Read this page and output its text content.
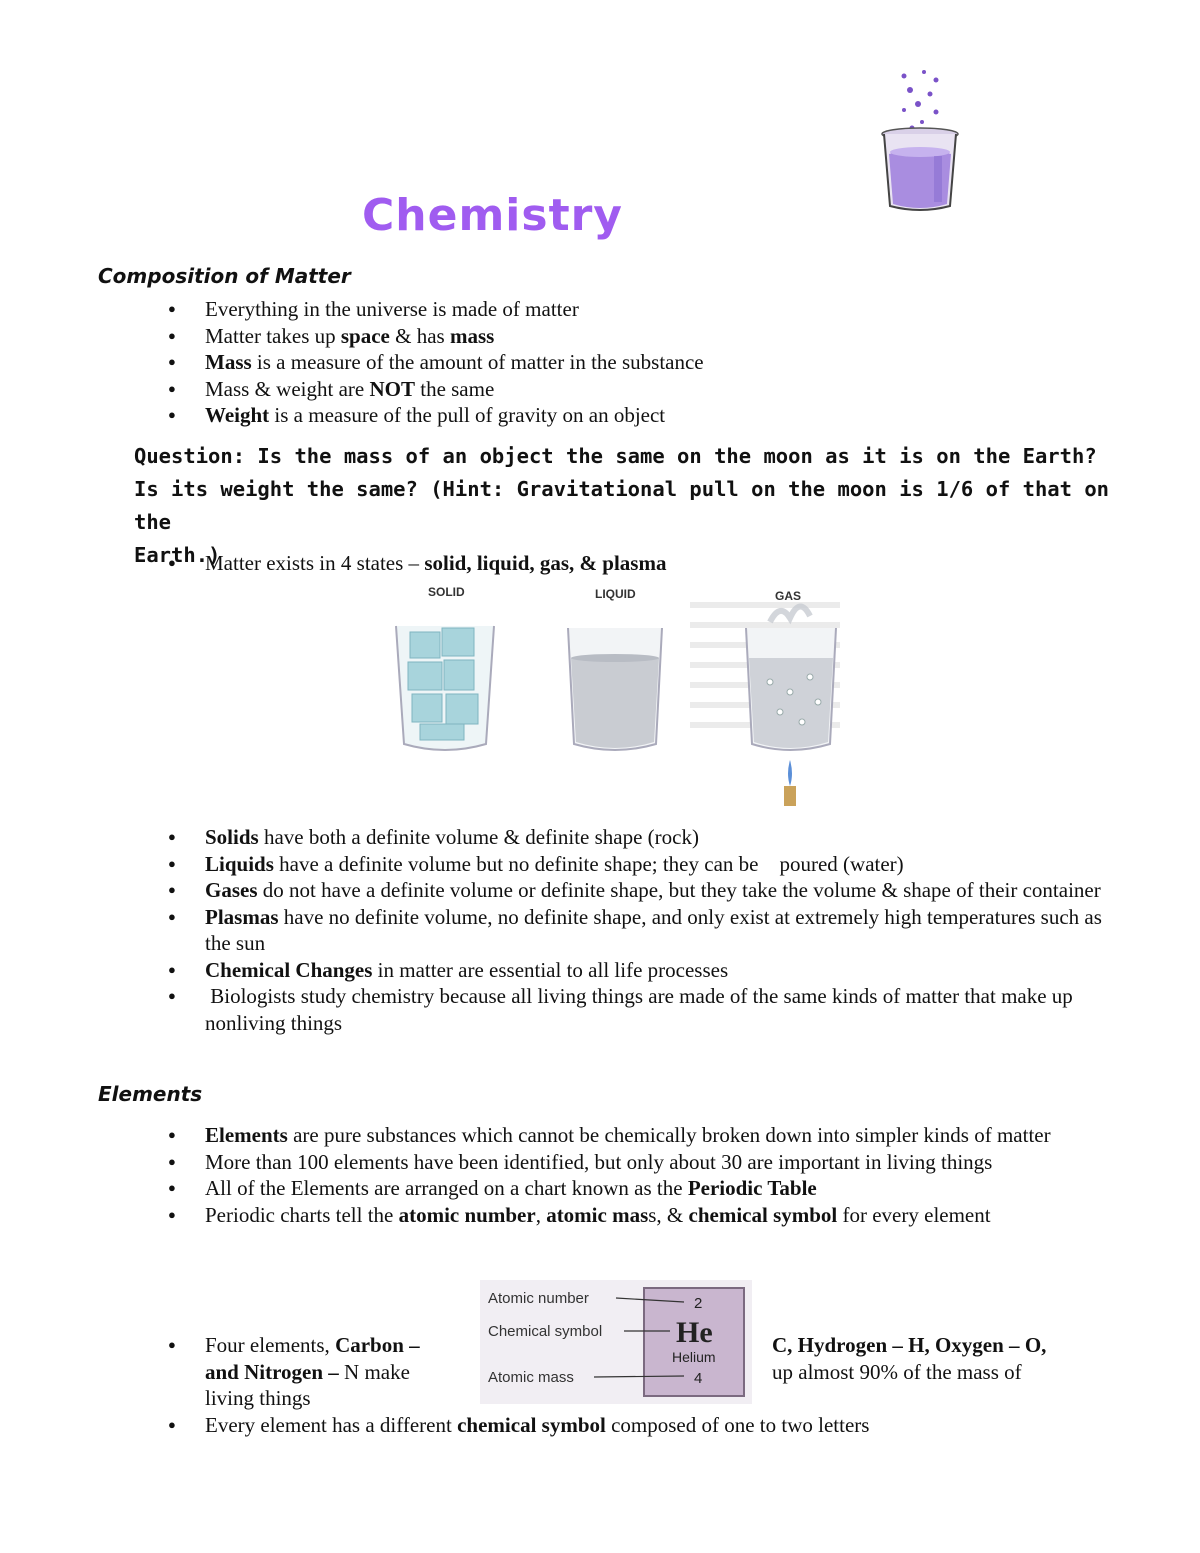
Chemistry
Composition of Matter
● Everything in the universe is made of matter
● Matter takes up space & has mass
● Mass is a measure of the amount of matter in the substance
● Mass & weight are NOT the same
● Weight is a measure of the pull of gravity on an object
Question: Is the mass of an object the same on the moon as it is on the Earth?
Is its weight the same? (Hint: Gravitational pull on the moon is 1/6 of that on the
Earth.)
● Matter exists in 4 states – solid, liquid, gas, & plasma
SOLID	LIQUID	GAS
● Solids have both a definite volume & definite shape (rock)
● Liquids have a definite volume but no definite shape; they can be    poured (water)
● Gases do not have a definite volume or definite shape, but they take the volume & shape of their container
● Plasmas have no definite volume, no definite shape, and only exist at extremely high temperatures such as the sun
● Chemical Changes in matter are essential to all life processes
●  Biologists study chemistry because all living things are made of the same kinds of matter that make up nonliving things
Elements
● Elements are pure substances which cannot be chemically broken down into simpler kinds of matter
● More than 100 elements have been identified, but only about 30 are important in living things
● All of the Elements are arranged on a chart known as the Periodic Table
● Periodic charts tell the atomic number, atomic mass, & chemical symbol for every element
● Four elements, Carbon –
and Nitrogen – N make
living things
C, Hydrogen – H, Oxygen – O,
up almost 90% of the mass of
Atomic number
Chemical symbol
Atomic mass
2
He
Helium
4
● Every element has a different chemical symbol composed of one to two letters
